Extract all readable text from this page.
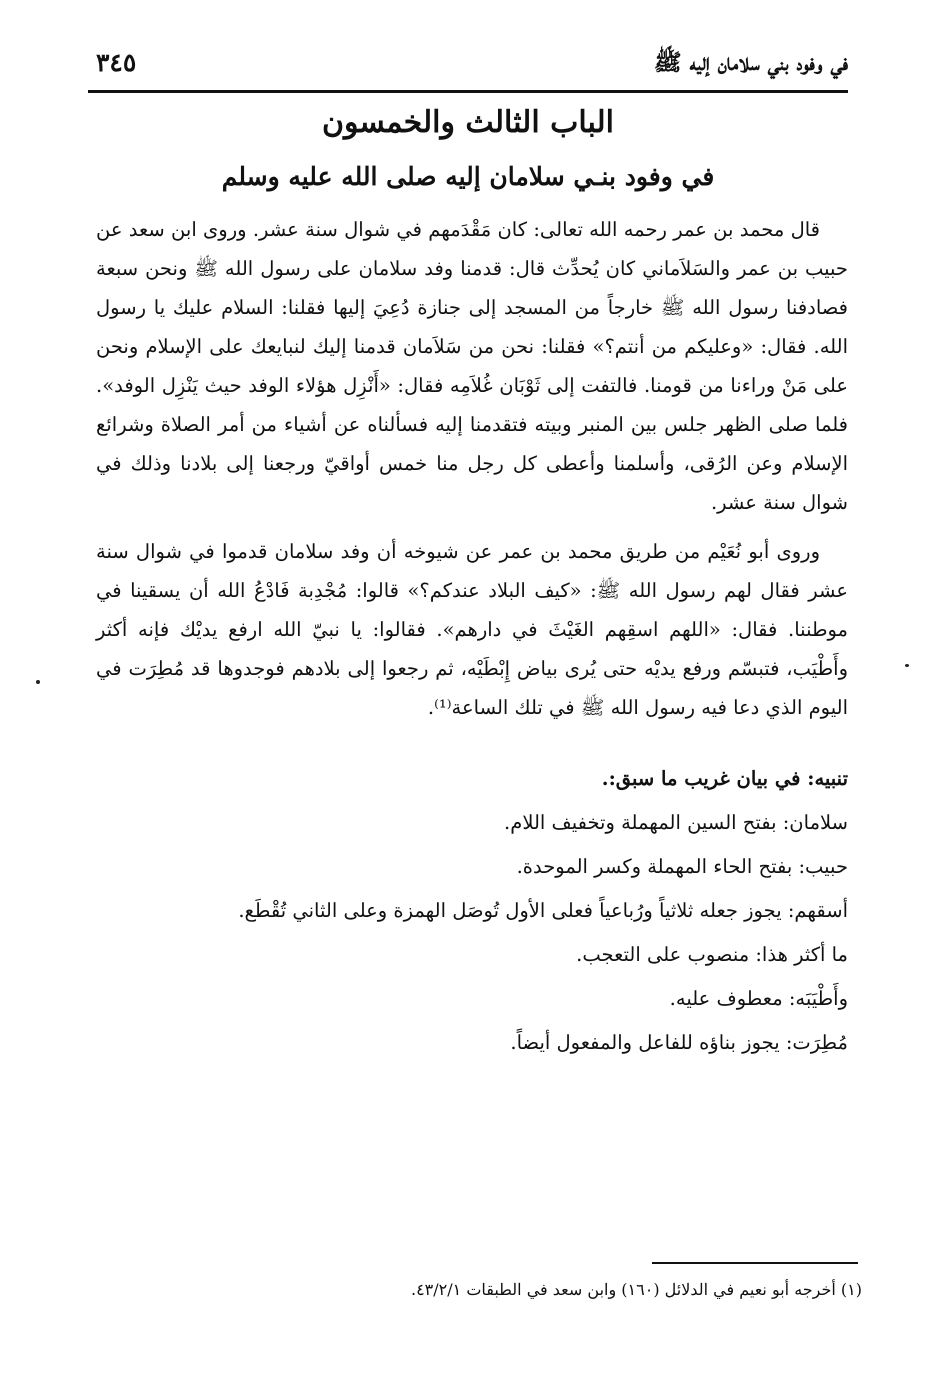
في وفود بني سلامان إليه ﷺ
٣٤٥
الباب الثالث والخمسون
في وفود بنـي سلامان إليه صلى الله عليه وسلم

قال محمد بن عمر رحمه الله تعالى: كان مَقْدَمهم في شوال سنة عشر. وروى ابن سعد عن حبيب بن عمر والسَلاَماني كان يُحدِّث قال: قدمنا وفد سلامان على رسول الله ﷺ ونحن سبعة فصادفنا رسول الله ﷺ خارجاً من المسجد إلى جنازة دُعِيَ إليها فقلنا: السلام عليك يا رسول الله. فقال: «وعليكم من أنتم؟» فقلنا: نحن من سَلاَمان قدمنا إليك لنبايعك على الإسلام ونحن على مَنْ وراءنا من قومنا. فالتفت إلى ثَوْبَان غُلاَمِه فقال: «أَنْزِل هؤلاء الوفد حيث يَنْزِل الوفد». فلما صلى الظهر جلس بين المنبر وبيته فتقدمنا إليه فسألناه عن أشياء من أمر الصلاة وشرائع الإسلام وعن الرُقى، وأسلمنا وأعطى كل رجل منا خمس أواقيّ ورجعنا إلى بلادنا وذلك في شوال سنة عشر.

وروى أبو نُعَيْم من طريق محمد بن عمر عن شيوخه أن وفد سلامان قدموا في شوال سنة عشر فقال لهم رسول الله ﷺ: «كيف البلاد عندكم؟» قالوا: مُجْدِبة فَادْعُ الله أن يسقينا في موطننا. فقال: «اللهم اسقِهم الغَيْثَ في دارهم». فقالوا: يا نبيّ الله ارفع يديْك فإنه أكثر وأَطْيَب، فتبسّم ورفع يديْه حتى يُرى بياض إِبْطَيْه، ثم رجعوا إلى بلادهم فوجدوها قد مُطِرَت في اليوم الذي دعا فيه رسول الله ﷺ في تلك الساعة⁽¹⁾.

تنبيه: في بيان غريب ما سبق:.
سلامان: بفتح السين المهملة وتخفيف اللام.
حبيب: بفتح الحاء المهملة وكسر الموحدة.
أسقهم: يجوز جعله ثلاثياً ورُباعياً فعلى الأول تُوصَل الهمزة وعلى الثاني تُقْطَع.
ما أكثر هذا: منصوب على التعجب.
وأَطْيَبَه: معطوف عليه.
مُطِرَت: يجوز بناؤه للفاعل والمفعول أيضاً.
(١) أخرجه أبو نعيم في الدلائل (١٦٠) وابن سعد في الطبقات ٤٣/٢/١.
